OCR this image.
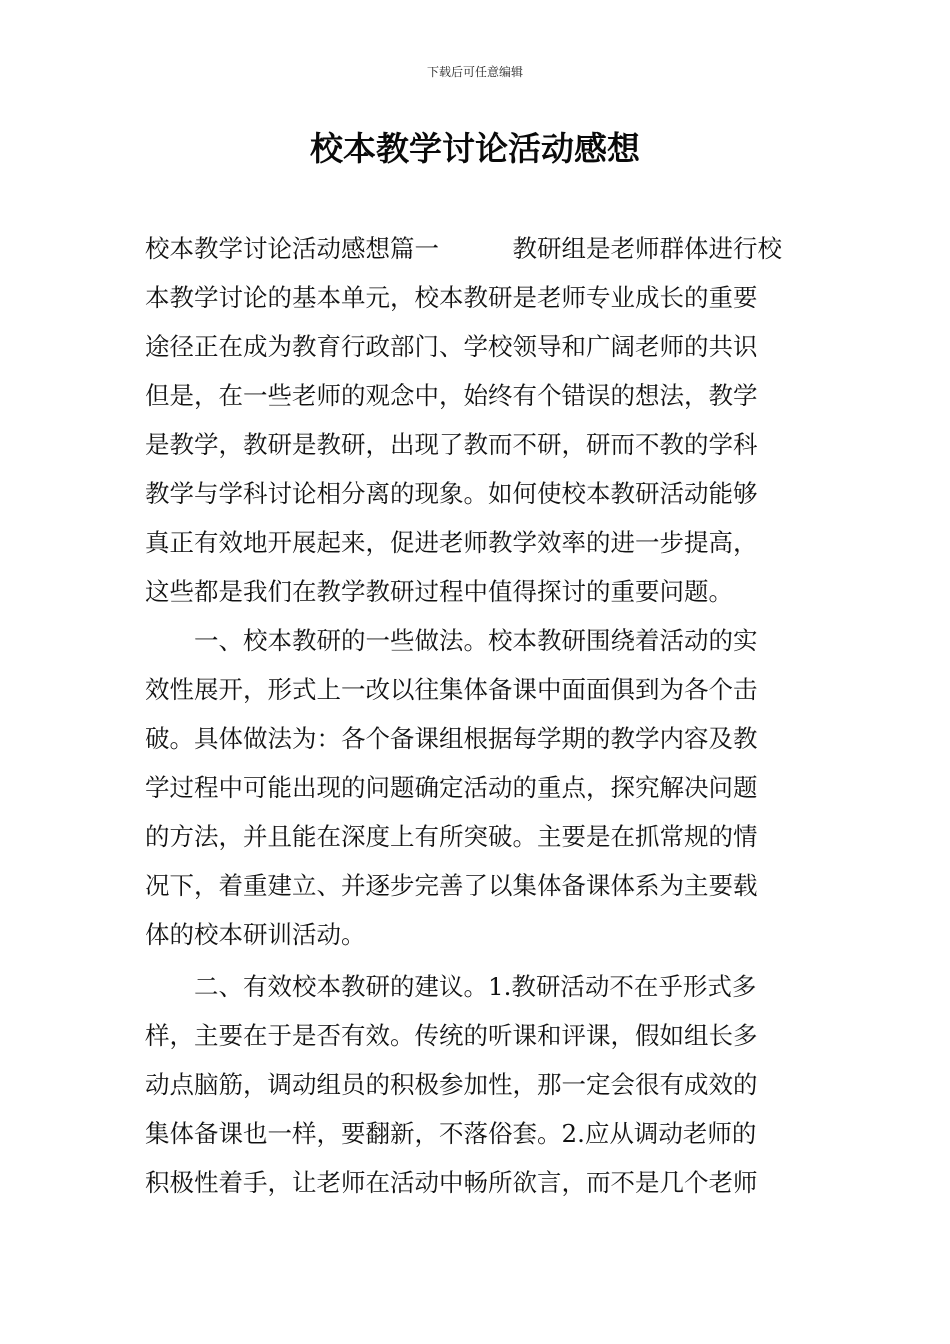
下载后可任意编辑
校本教学讨论活动感想
校本教学讨论活动感想篇一　　　教研组是老师群体进行校
本教学讨论的基本单元，校本教研是老师专业成长的重要
途径正在成为教育行政部门、学校领导和广阔老师的共识
但是，在一些老师的观念中，始终有个错误的想法，教学
是教学，教研是教研，出现了教而不研，研而不教的学科
教学与学科讨论相分离的现象。如何使校本教研活动能够
真正有效地开展起来，促进老师教学效率的进一步提高，
这些都是我们在教学教研过程中值得探讨的重要问题。
　　一、校本教研的一些做法。校本教研围绕着活动的实
效性展开，形式上一改以往集体备课中面面俱到为各个击
破。具体做法为：各个备课组根据每学期的教学内容及教
学过程中可能出现的问题确定活动的重点，探究解决问题
的方法，并且能在深度上有所突破。主要是在抓常规的情
况下，着重建立、并逐步完善了以集体备课体系为主要载
体的校本研训活动。
　　二、有效校本教研的建议。1.教研活动不在乎形式多
样，主要在于是否有效。传统的听课和评课，假如组长多
动点脑筋，调动组员的积极参加性，那一定会很有成效的
集体备课也一样，要翻新，不落俗套。2.应从调动老师的
积极性着手，让老师在活动中畅所欲言，而不是几个老师
